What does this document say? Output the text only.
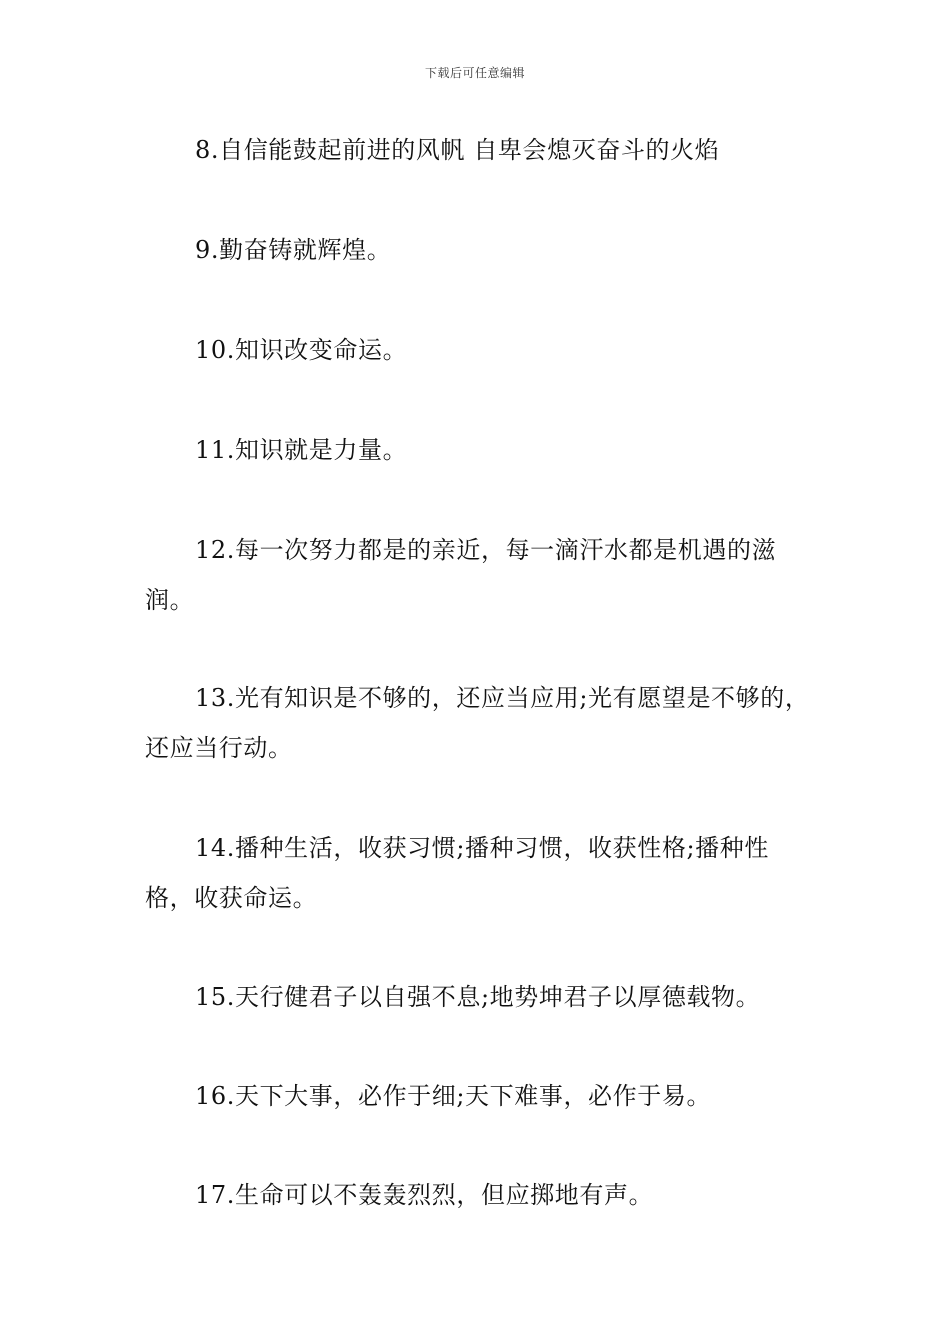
下载后可任意编辑

8.自信能鼓起前进的风帆 自卑会熄灭奋斗的火焰

9.勤奋铸就辉煌。

10.知识改变命运。

11.知识就是力量。

12.每一次努力都是的亲近，每一滴汗水都是机遇的滋润。

13.光有知识是不够的，还应当应用;光有愿望是不够的，还应当行动。

14.播种生活，收获习惯;播种习惯，收获性格;播种性格，收获命运。

15.天行健君子以自强不息;地势坤君子以厚德载物。

16.天下大事，必作于细;天下难事，必作于易。

17.生命可以不轰轰烈烈，但应掷地有声。
